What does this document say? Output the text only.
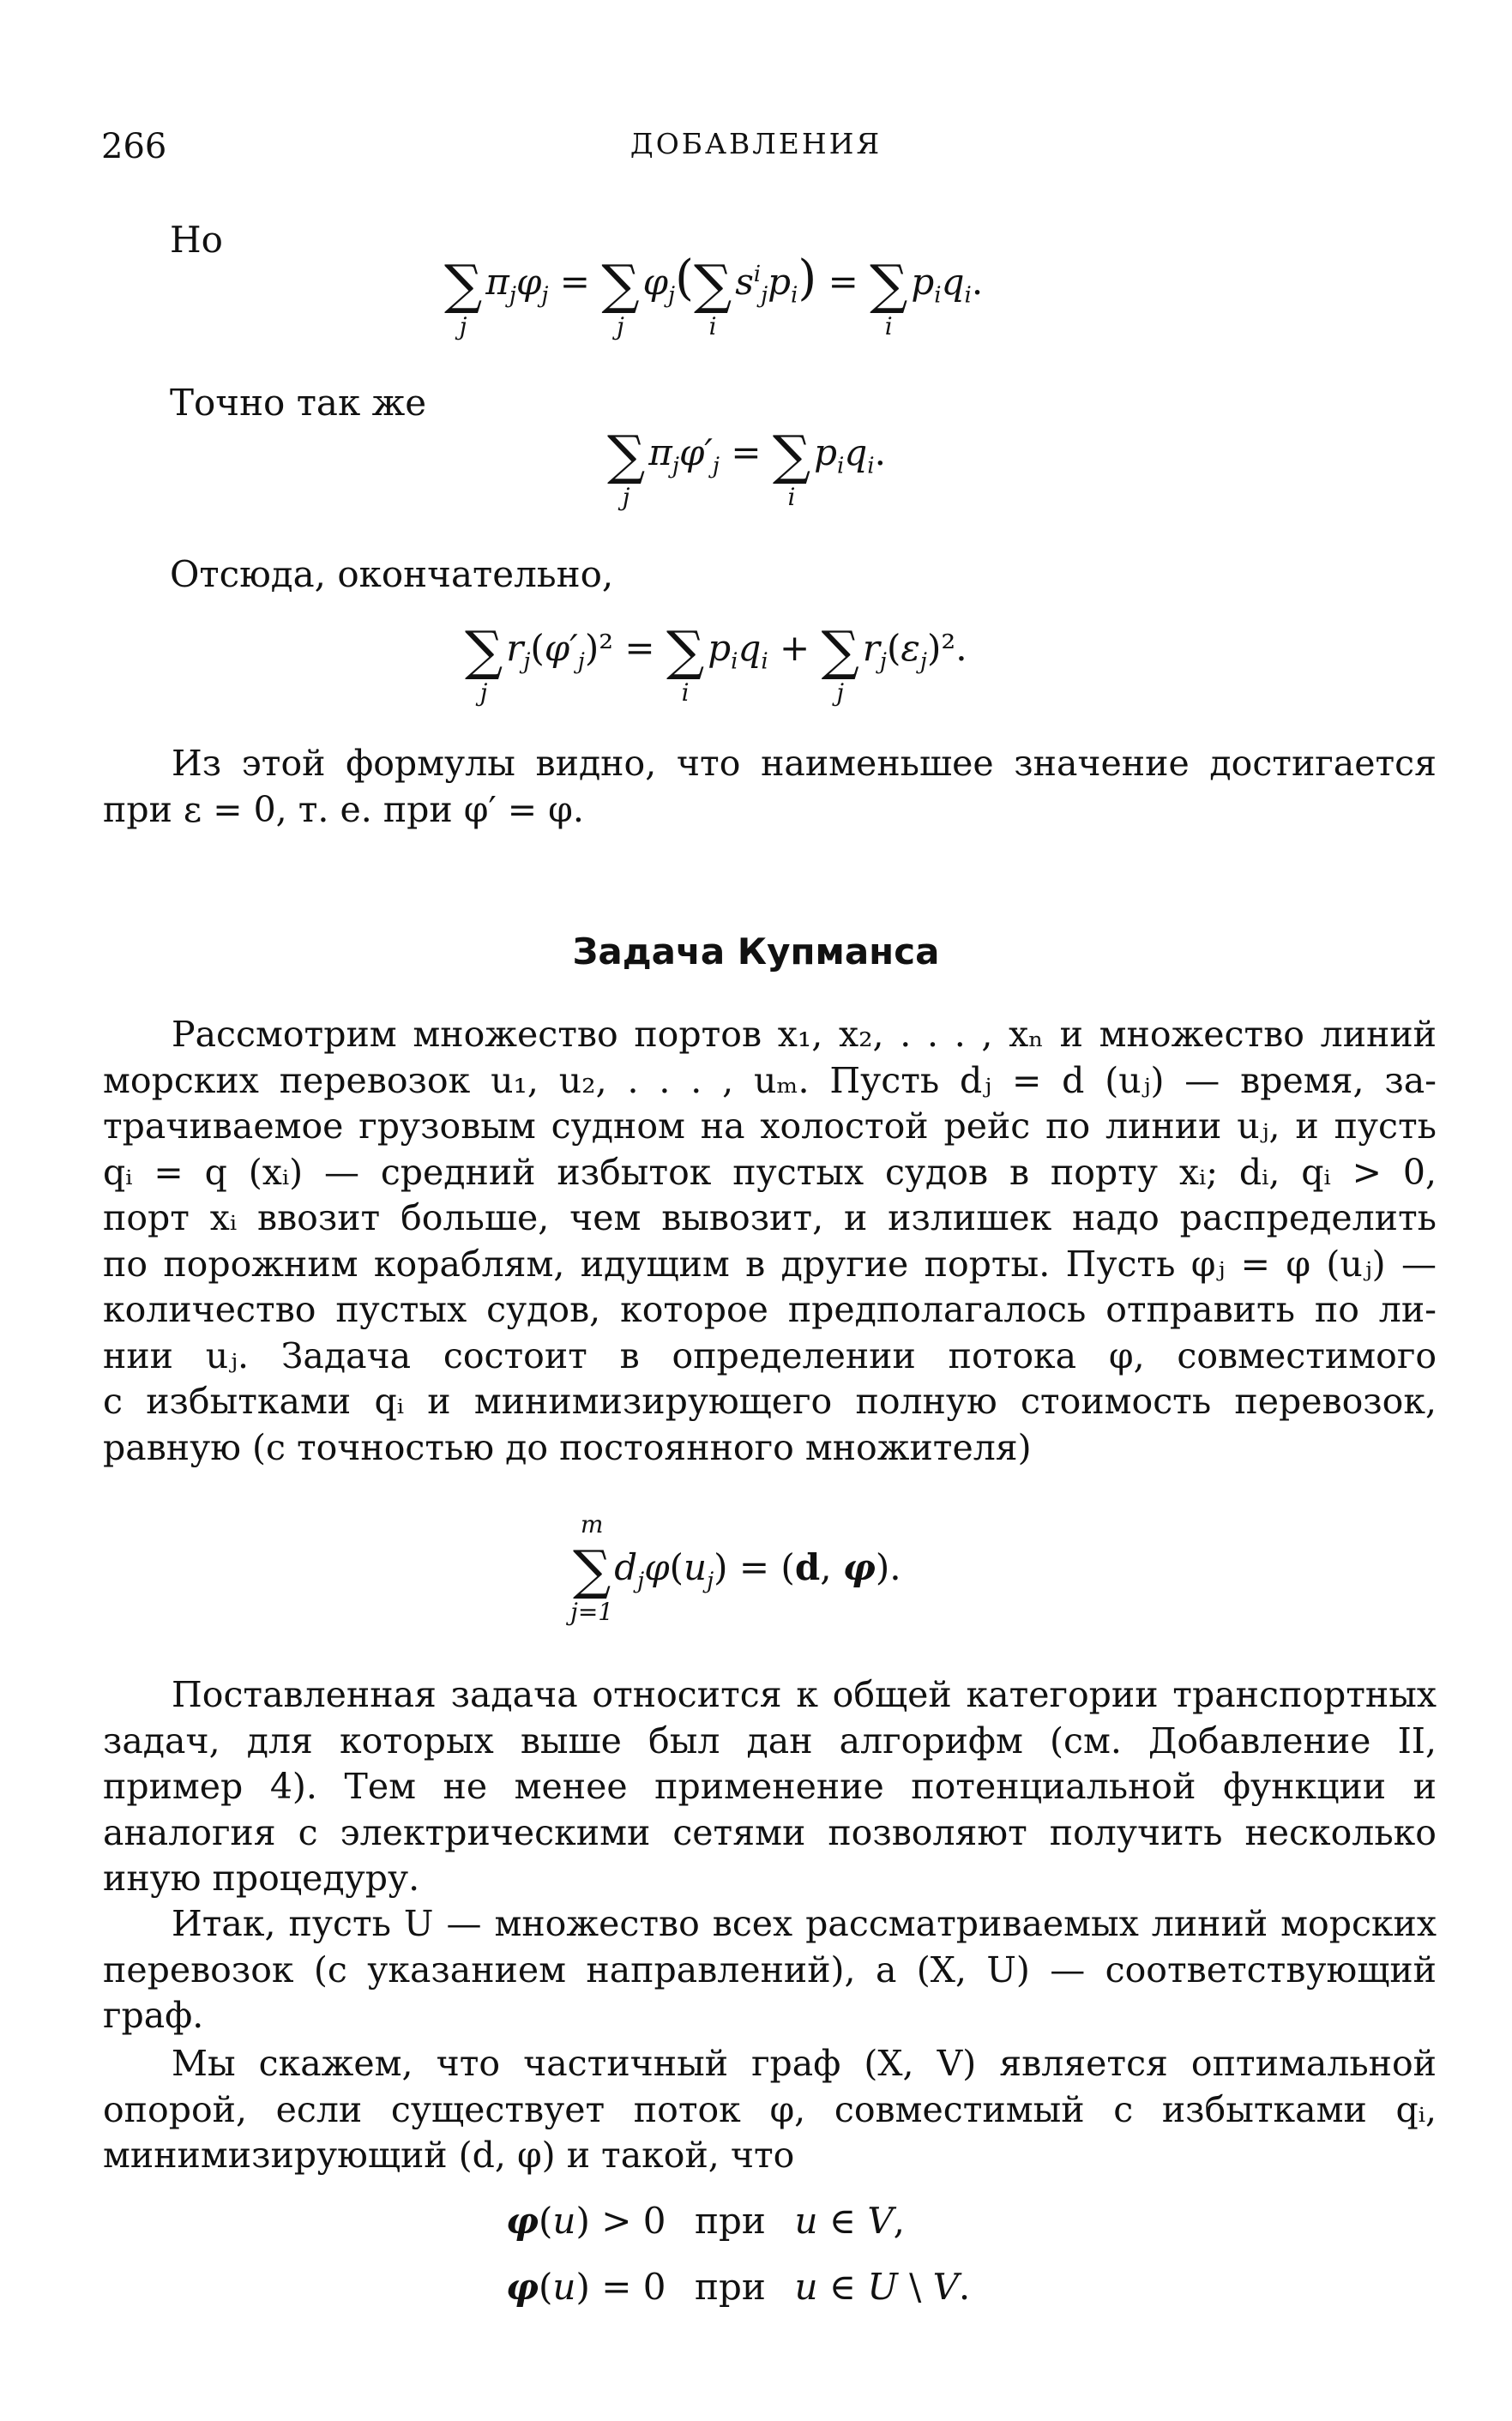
266	ДОБАВЛЕНИЯ
Но
∑
j
$\pi_j\varphi_j$ = ∑
j
$\varphi_j(\sum$
i
$s^i_jp_i$) = ∑
i
$p_iq_i$.
Точно так же
∑
j
$\pi_j\varphi'_j$ = ∑
i
$p_iq_i$.
Отсюда, окончательно,
∑
j
$r_j(\varphi'_j)^2$ = ∑
i
$p_iq_i$ + ∑
j
$r_j(\varepsilon_j)^2$.
Из этой формулы видно, что наименьшее значение достигается
при ε = 0, т. е. при φ′ = φ.
Задача Купманса
Рассмотрим множество портов x₁, x₂, . . . , xₙ и множество линий
морских перевозок u₁, u₂, . . . , uₘ. Пусть dⱼ = d (uⱼ) — время, за-
трачиваемое грузовым судном на холостой рейс по линии uⱼ, и пусть
qᵢ = q (xᵢ) — средний избыток пустых судов в порту xᵢ; dᵢ, qᵢ > 0,
порт xᵢ ввозит больше, чем вывозит, и излишек надо распределить
по порожним кораблям, идущим в другие порты. Пусть φⱼ = φ (uⱼ) —
количество пустых судов, которое предполагалось отправить по ли-
нии uⱼ. Задача состоит в определении потока φ, совместимого
с избытками qᵢ и минимизирующего полную стоимость перевозок,
равную (с точностью до постоянного множителя)
∑
m
j=1
$d_j\varphi(u_j) = (d$, φ).
Поставленная задача относится к общей категории транспортных
задач, для которых выше был дан алгорифм (см. Добавление II,
пример 4). Тем не менее применение потенциальной функции и
аналогия с электрическими сетями позволяют получить несколько
иную процедуру.
Итак, пусть U — множество всех рассматриваемых линий морских
перевозок (с указанием направлений), а (X, U) — соответствующий
граф.
Мы скажем, что частичный граф (X, V) является оптимальной
опорой, если существует поток φ, совместимый с избытками qᵢ,
минимизирующий (d, φ) и такой, что
φ(u) > 0 при u ∈ V,
φ(u) = 0 при u ∈ U \ V.
